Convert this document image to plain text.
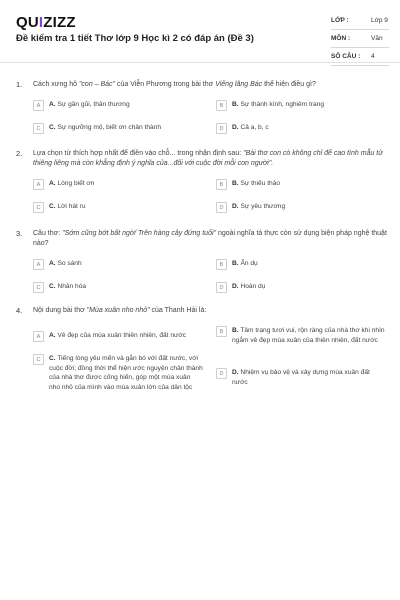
QUIZIZZ
Đề kiểm tra 1 tiết Thơ lớp 9 Học kì 2 có đáp án (Đề 3)
LỚP :	Lớp 9
MÔN :	Văn
SỐ CÂU : 4
1. Cách xưng hô "con – Bác" của Viễn Phương trong bài thơ Viếng lăng Bác thể hiện điều gì?
A	A. Sự gần gũi, thân thương	B	B. Sự thành kính, nghiêm trang
C	C. Sự ngưỡng mộ, biết ơn chân thành	D	D. Cả a, b, c
2. Lựa chọn từ thích hợp nhất để điền vào chỗ... trong nhận định sau: "Bài thơ con cò không chỉ để cao tình mẫu tử thiêng liêng mà còn khẳng định ý nghĩa của...đối với cuộc đời mỗi con người".
A	A. Lòng biết ơn	B	B. Sự thiếu thảo
C	C. Lời hát ru	D	D. Sự yêu thương
3. Câu thơ: "Sớm cũng bớt bất ngờ/ Trên hàng cây đứng tuổi" ngoài nghĩa tả thực còn sử dụng biện pháp nghệ thuật nào?
A	A. So sánh	B	B. Ẩn dụ
C	C. Nhân hóa	D	D. Hoán dụ
4. Nội dung bài thơ "Mùa xuân nho nhỏ" của Thanh Hải là:
A	A. Vẻ đẹp của mùa xuân thiên nhiên, đất nước
B	B. Tâm trạng tươi vui, rộn ràng của nhà thơ khi nhìn ngắm vẻ đẹp mùa xuân của thiên nhiên, đất nước
C	C. Tiếng lòng yêu mến và gắn bó với đất nước, với cuộc đời; đồng thời thể hiện ước nguyện chân thành của nhà thơ được cống hiến, góp một mùa xuân nho nhỏ của mình vào mùa xuân lớn của dân tộc
D	D. Nhiệm vụ bảo vệ và xây dựng mùa xuân đất nước
